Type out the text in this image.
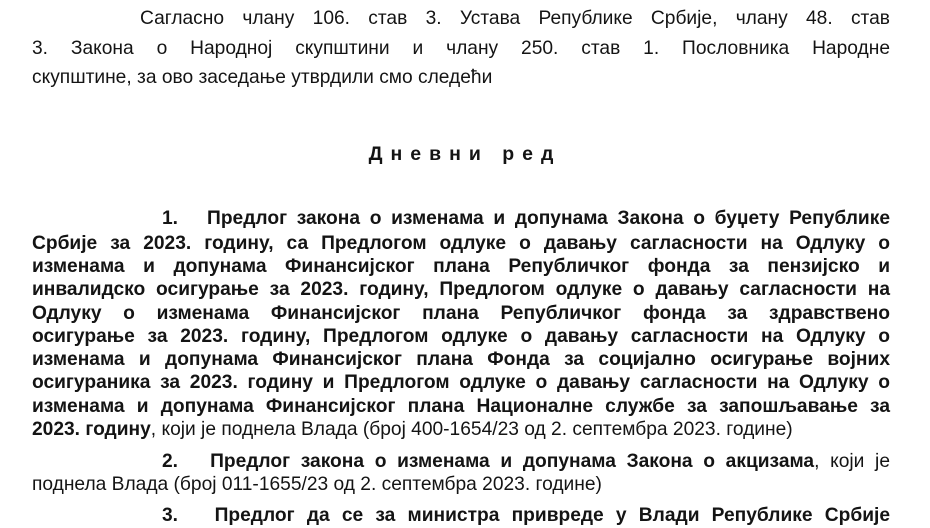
Сагласно члану 106. став 3. Устава Републике Србије, члану 48. став
3. Закона о Народној скупштини и члану 250. став 1. Пословника Народне
скупштине, за ово заседање утврдили смо следећи
Дневни ред
1. Предлог закона о изменама и допунама Закона о буџету Републике
Србије за 2023. годину, са Предлогом одлуке о давању сагласности на Одлуку о
изменама и допунама Финансијског плана Републичког фонда за пензијско и
инвалидско осигурање за 2023. годину, Предлогом одлуке о давању сагласности на
Одлуку о изменама Финансијског плана Републичког фонда за здравствено
осигурање за 2023. годину, Предлогом одлуке о давању сагласности на Одлуку о
изменама и допунама Финансијског плана Фонда за социјално осигурање војних
осигураника за 2023. годину и Предлогом одлуке о давању сагласности на Одлуку о
изменама и допунама Финансијског плана Националне службе за запошљавање за
2023. годину, који је поднела Влада (број 400-1654/23 од 2. септембра 2023. године)
2. Предлог закона о изменама и допунама Закона о акцизама, који је
поднела Влада (број 011-1655/23 од 2. септембра 2023. године)
3. Предлог да се за министра привреде у Влади Републике Србије
